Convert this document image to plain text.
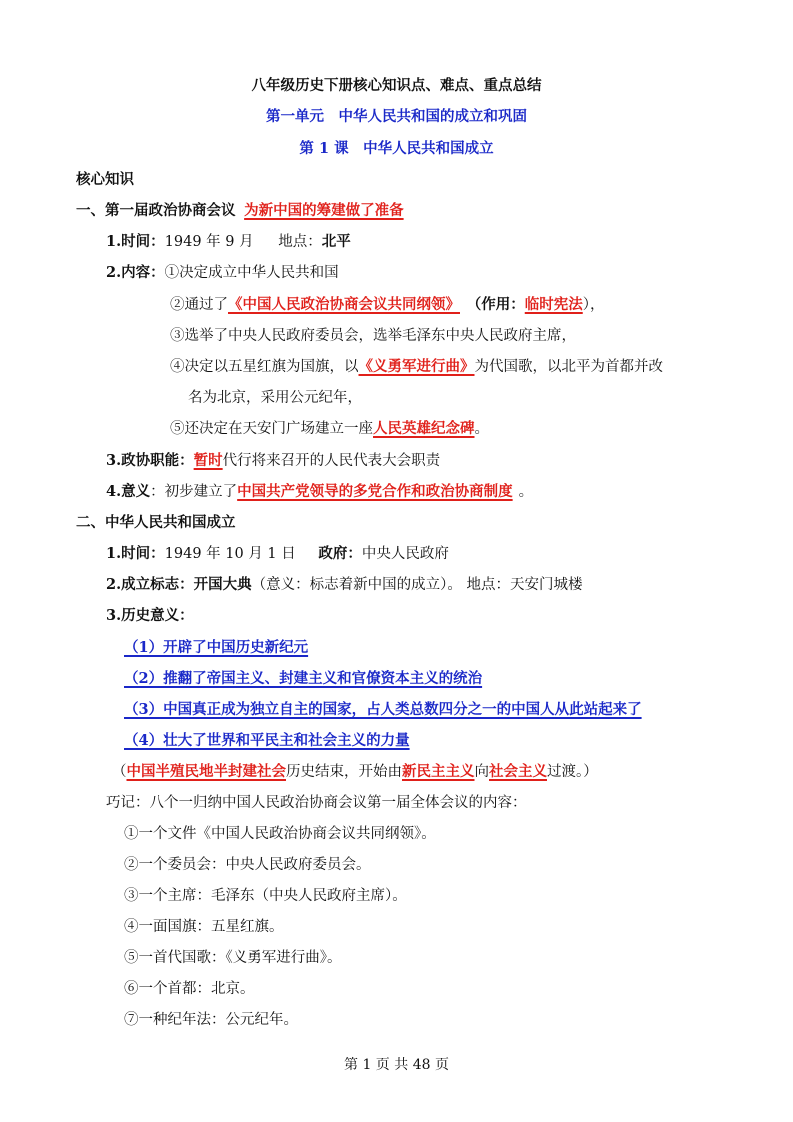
八年级历史下册核心知识点、难点、重点总结
第一单元　中华人民共和国的成立和巩固
第 1 课　中华人民共和国成立
核心知识
一、第一届政治协商会议 为新中国的筹建做了准备
1.时间：1949 年 9 月 地点：北平
2.内容：①决定成立中华人民共和国
②通过了《中国人民政治协商会议共同纲领》 （作用：临时宪法），
③选举了中央人民政府委员会，选举毛泽东中央人民政府主席，
④决定以五星红旗为国旗，以《义勇军进行曲》为代国歌，以北平为首都并改
名为北京，采用公元纪年，
⑤还决定在天安门广场建立一座人民英雄纪念碑。
3.政协职能：暂时代行将来召开的人民代表大会职责
4.意义：初步建立了中国共产党领导的多党合作和政治协商制度 。
二、中华人民共和国成立
1.时间：1949 年 10 月 1 日 政府：中央人民政府
2.成立标志：开国大典（意义：标志着新中国的成立）。 地点：天安门城楼
3.历史意义：
（1）开辟了中国历史新纪元
（2）推翻了帝国主义、封建主义和官僚资本主义的统治
（3）中国真正成为独立自主的国家，占人类总数四分之一的中国人从此站起来了
（4）壮大了世界和平民主和社会主义的力量
（中国半殖民地半封建社会历史结束，开始由新民主主义向社会主义过渡。）
巧记：八个一归纳中国人民政治协商会议第一届全体会议的内容：
①一个文件《中国人民政治协商会议共同纲领》。
②一个委员会：中央人民政府委员会。
③一个主席：毛泽东（中央人民政府主席）。
④一面国旗：五星红旗。
⑤一首代国歌：《义勇军进行曲》。
⑥一个首都：北京。
⑦一种纪年法：公元纪年。
第 1 页 共 48 页
